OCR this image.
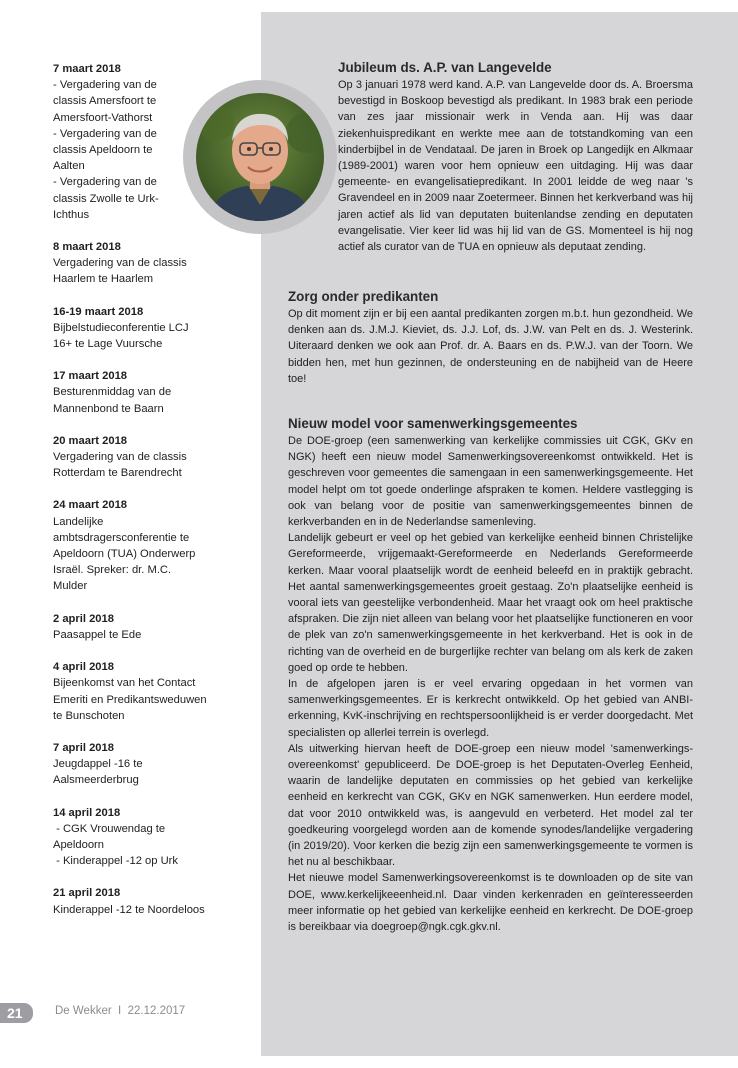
7 maart 2018
- Vergadering van de
classis Amersfoort te
Amersfoort-Vathorst
- Vergadering van de
classis Apeldoorn te
Aalten
- Vergadering van de
classis Zwolle te Urk-
Ichthus
8 maart 2018
Vergadering van de classis
Haarlem te Haarlem
16-19 maart 2018
Bijbelstudieconferentie LCJ
16+ te Lage Vuursche
17 maart 2018
Besturenmiddag van de
Mannenbond te Baarn
20 maart 2018
Vergadering van de classis
Rotterdam te Barendrecht
24 maart 2018
Landelijke
ambtsdragersconferentie te
Apeldoorn (TUA) Onderwerp
Israël. Spreker: dr. M.C.
Mulder
2 april 2018
Paasappel te Ede
4 april 2018
Bijeenkomst van het Contact
Emeriti en Predikantsweduwen
te Bunschoten
7 april 2018
Jeugdappel -16 te
Aalsmeerderbrug
14 april 2018
- CGK Vrouwendag te
Apeldoorn
- Kinderappel -12 op Urk
21 april 2018
Kinderappel -12 te Noordeloos
Jubileum ds. A.P. van Langevelde

Op 3 januari 1978 werd kand. A.P. van Langevelde door ds. A. Broersma bevestigd in Boskoop bevestigd als predikant. In 1983 brak een periode van zes jaar missionair werk in Venda aan. Hij was daar ziekenhuispredikant en werkte mee aan de totstandkoming van een kinderbijbel in de Vendataal. De jaren in Broek op Langedijk en Alkmaar (1989-2001) waren voor hem opnieuw een uitdaging. Hij was daar gemeente- en evangelisatiepredikant. In 2001 leidde de weg naar 's Gravendeel en in 2009 naar Zoetermeer. Binnen het kerkverband was hij jaren actief als lid van deputaten buitenlandse zending en deputaten evangelisatie. Vier keer lid was hij lid van de GS. Momenteel is hij nog actief als curator van de TUA en opnieuw als deputaat zending.

Zorg onder predikanten

Op dit moment zijn er bij een aantal predikanten zorgen m.b.t. hun gezondheid. We denken aan ds. J.M.J. Kieviet, ds. J.J. Lof, ds. J.W. van Pelt en ds. J. Westerink. Uiteraard denken we ook aan Prof. dr. A. Baars en ds. P.W.J. van der Toorn. We bidden hen, met hun gezinnen, de ondersteuning en de nabijheid van de Heere toe!

Nieuw model voor samenwerkingsgemeentes

De DOE-groep (een samenwerking van kerkelijke commissies uit CGK, GKv en NGK) heeft een nieuw model Samenwerkingsovereenkomst ontwikkeld. Het is geschreven voor gemeentes die samengaan in een samenwerkingsgemeente. Het model helpt om tot goede onderlinge afspraken te komen. Heldere vastlegging is ook van belang voor de positie van samenwerkingsgemeentes binnen de kerkverbanden en in de Nederlandse samenleving.

Landelijk gebeurt er veel op het gebied van kerkelijke eenheid binnen Christelijke Gereformeerde, vrijgemaakt-Gereformeerde en Nederlands Gereformeerde kerken. Maar vooral plaatselijk wordt de eenheid beleefd en in praktijk gebracht. Het aantal samenwerkingsgemeentes groeit gestaag. Zo'n plaatselijke eenheid is vooral iets van geestelijke verbondenheid. Maar het vraagt ook om heel praktische afspraken. Die zijn niet alleen van belang voor het plaatselijke functioneren en voor de plek van zo'n samenwerkingsgemeente in het kerkverband. Het is ook in de richting van de overheid en de burgerlijke rechter van belang om als kerk de zaken goed op orde te hebben.

In de afgelopen jaren is er veel ervaring opgedaan in het vormen van samenwerkingsgemeentes. Er is kerkrecht ontwikkeld. Op het gebied van ANBI-erkenning, KvK-inschrijving en rechtspersoonlijkheid is er verder doorgedacht. Met specialisten op allerlei terrein is overlegd.

Als uitwerking hiervan heeft de DOE-groep een nieuw model 'samenwerkings-overeenkomst' gepubliceerd. De DOE-groep is het Deputaten-Overleg Eenheid, waarin de landelijke deputaten en commissies op het gebied van kerkelijke eenheid en kerkrecht van CGK, GKv en NGK samenwerken. Hun eerdere model, dat voor 2010 ontwikkeld was, is aangevuld en verbeterd. Het model zal ter goedkeuring voorgelegd worden aan de komende synodes/landelijke vergadering (in 2019/20). Voor kerken die bezig zijn een samenwerkingsgemeente te vormen is het nu al beschikbaar.

Het nieuwe model Samenwerkingsovereenkomst is te downloaden op de site van DOE, www.kerkelijkeeenheid.nl. Daar vinden kerkenraden en geïnteresseerden meer informatie op het gebied van kerkelijke eenheid en kerkrecht. De DOE-groep is bereikbaar via doegroep@ngk.cgk.gkv.nl.

21	De Wekker  I  22.12.2017
